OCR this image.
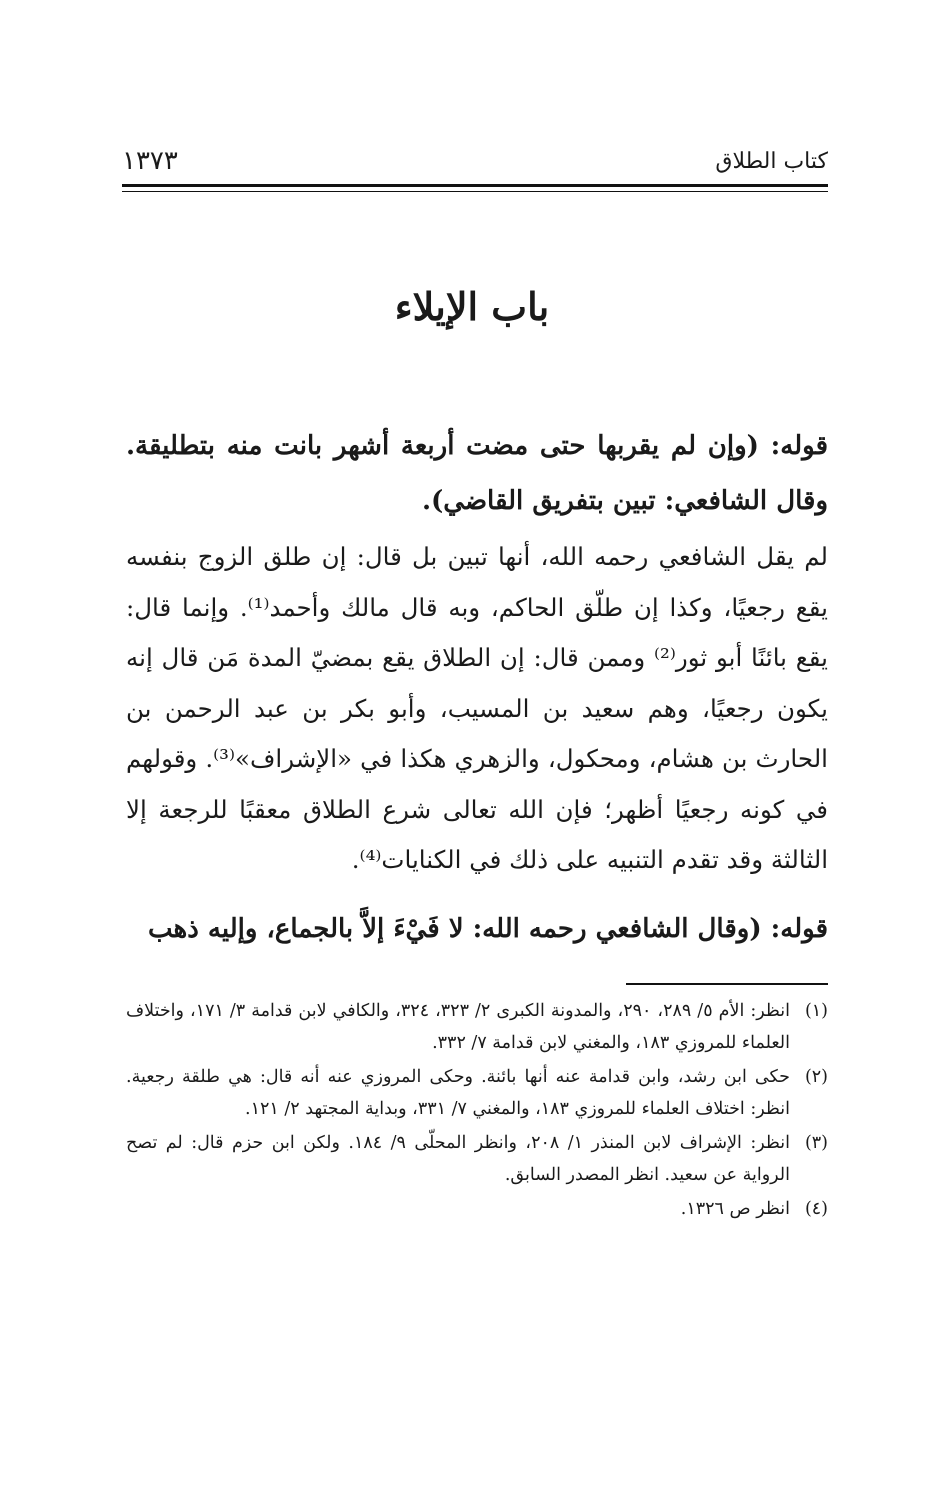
كتاب الطلاق
١٣٧٣
باب الإيلاء
قوله: (وإن لم يقربها حتى مضت أربعة أشهر بانت منه بتطليقة. وقال الشافعي: تبين بتفريق القاضي).
لم يقل الشافعي رحمه الله، أنها تبين بل قال: إن طلق الزوج بنفسه يقع رجعيًا، وكذا إن طلّق الحاكم، وبه قال مالك وأحمد⁽¹⁾. وإنما قال: يقع بائنًا أبو ثور⁽²⁾ وممن قال: إن الطلاق يقع بمضيّ المدة مَن قال إنه يكون رجعيًا، وهم سعيد بن المسيب، وأبو بكر بن عبد الرحمن بن الحارث بن هشام، ومحكول، والزهري هكذا في «الإشراف»⁽³⁾. وقولهم في كونه رجعيًا أظهر؛ فإن الله تعالى شرع الطلاق معقبًا للرجعة إلا الثالثة وقد تقدم التنبيه على ذلك في الكنايات⁽⁴⁾.
قوله: (وقال الشافعي رحمه الله: لا فَيْءَ إلاَّ بالجماع، وإليه ذهب
(١)
انظر: الأم ٥/ ٢٨٩، ٢٩٠، والمدونة الكبرى ٢/ ٣٢٣، ٣٢٤، والكافي لابن قدامة ٣/ ١٧١، واختلاف العلماء للمروزي ١٨٣، والمغني لابن قدامة ٧/ ٣٣٢.
(٢)
حكى ابن رشد، وابن قدامة عنه أنها بائنة. وحكى المروزي عنه أنه قال: هي طلقة رجعية. انظر: اختلاف العلماء للمروزي ١٨٣، والمغني ٧/ ٣٣١، وبداية المجتهد ٢/ ١٢١.
(٣)
انظر: الإشراف لابن المنذر ١/ ٢٠٨، وانظر المحلّى ٩/ ١٨٤. ولكن ابن حزم قال: لم تصح الرواية عن سعيد. انظر المصدر السابق.
(٤)
انظر ص ١٣٢٦.
